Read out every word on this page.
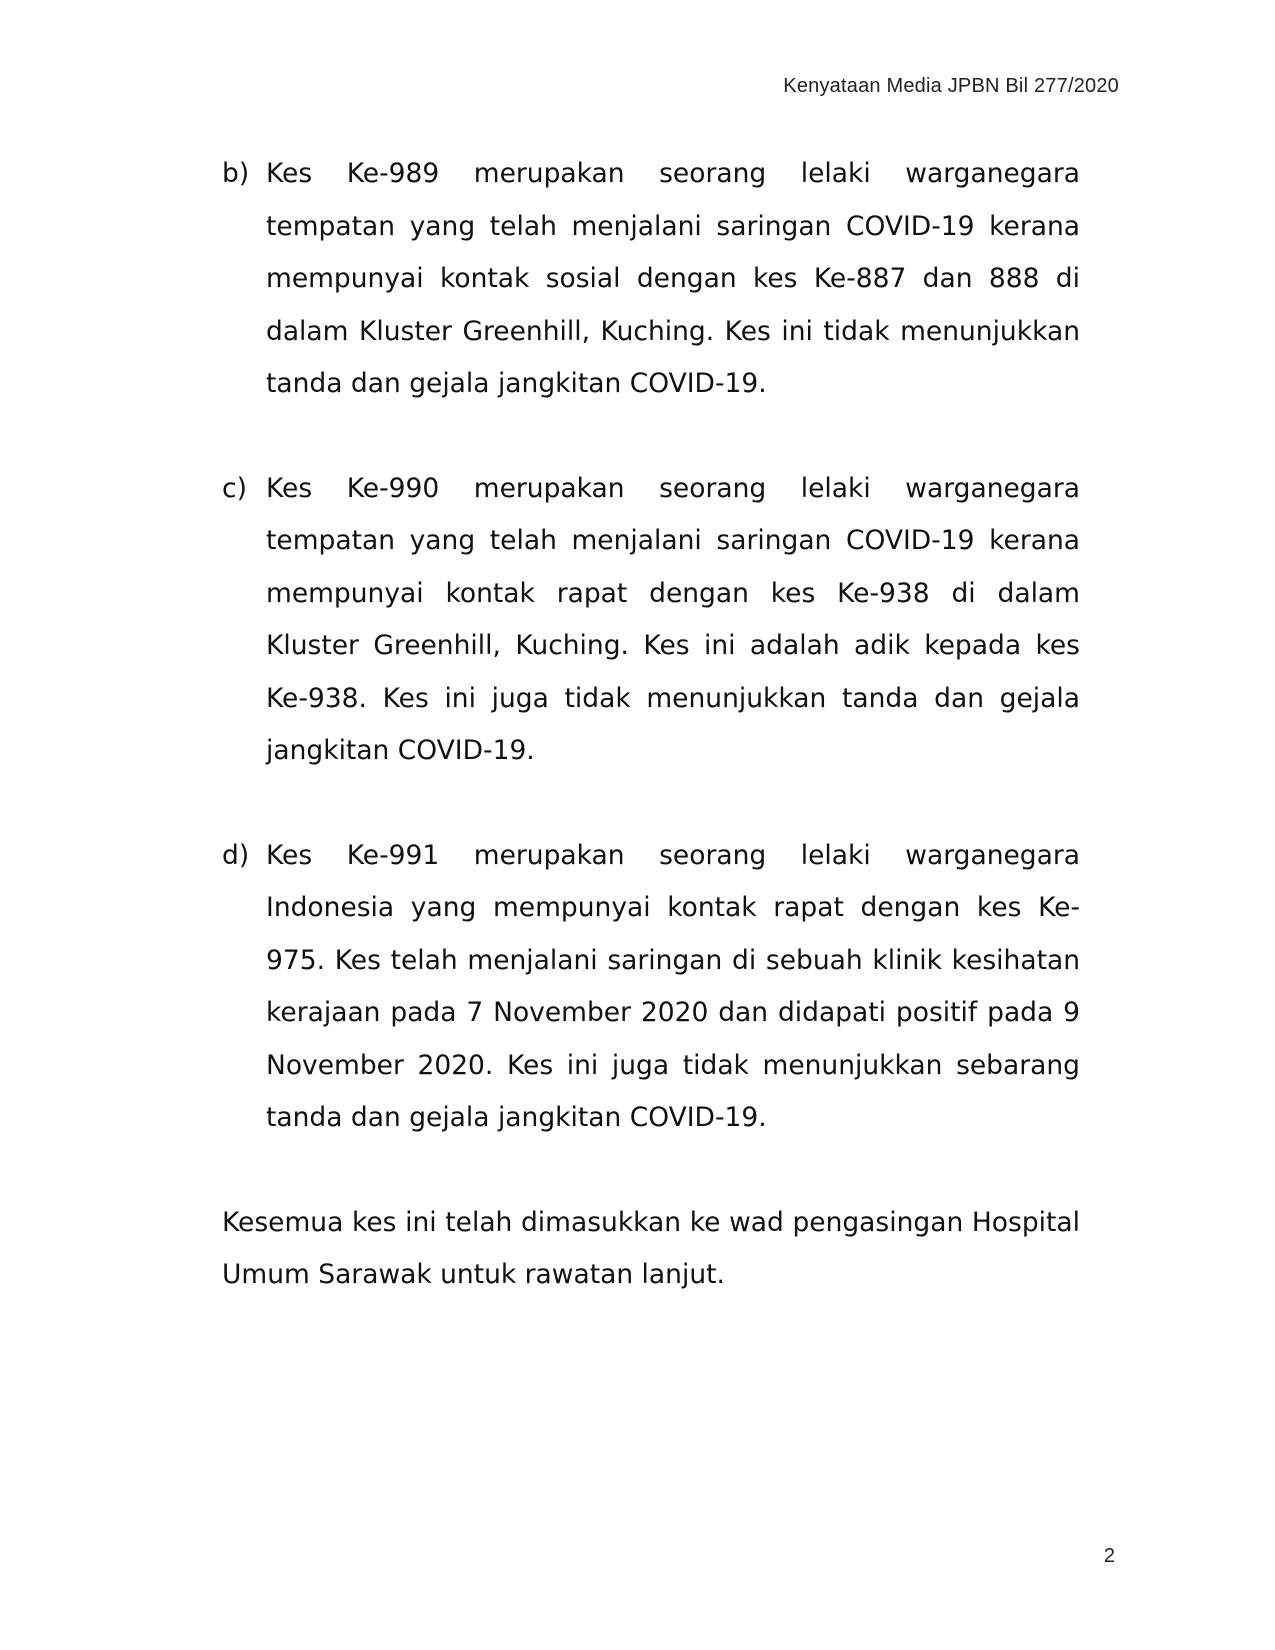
Kenyataan Media JPBN Bil 277/2020
b) Kes Ke-989 merupakan seorang lelaki warganegara tempatan yang telah menjalani saringan COVID-19 kerana mempunyai kontak sosial dengan kes Ke-887 dan 888 di dalam Kluster Greenhill, Kuching. Kes ini tidak menunjukkan tanda dan gejala jangkitan COVID-19.
c) Kes Ke-990 merupakan seorang lelaki warganegara tempatan yang telah menjalani saringan COVID-19 kerana mempunyai kontak rapat dengan kes Ke-938 di dalam Kluster Greenhill, Kuching. Kes ini adalah adik kepada kes Ke-938. Kes ini juga tidak menunjukkan tanda dan gejala jangkitan COVID-19.
d) Kes Ke-991 merupakan seorang lelaki warganegara Indonesia yang mempunyai kontak rapat dengan kes Ke-975. Kes telah menjalani saringan di sebuah klinik kesihatan kerajaan pada 7 November 2020 dan didapati positif pada 9 November 2020. Kes ini juga tidak menunjukkan sebarang tanda dan gejala jangkitan COVID-19.

Kesemua kes ini telah dimasukkan ke wad pengasingan Hospital Umum Sarawak untuk rawatan lanjut.

2
